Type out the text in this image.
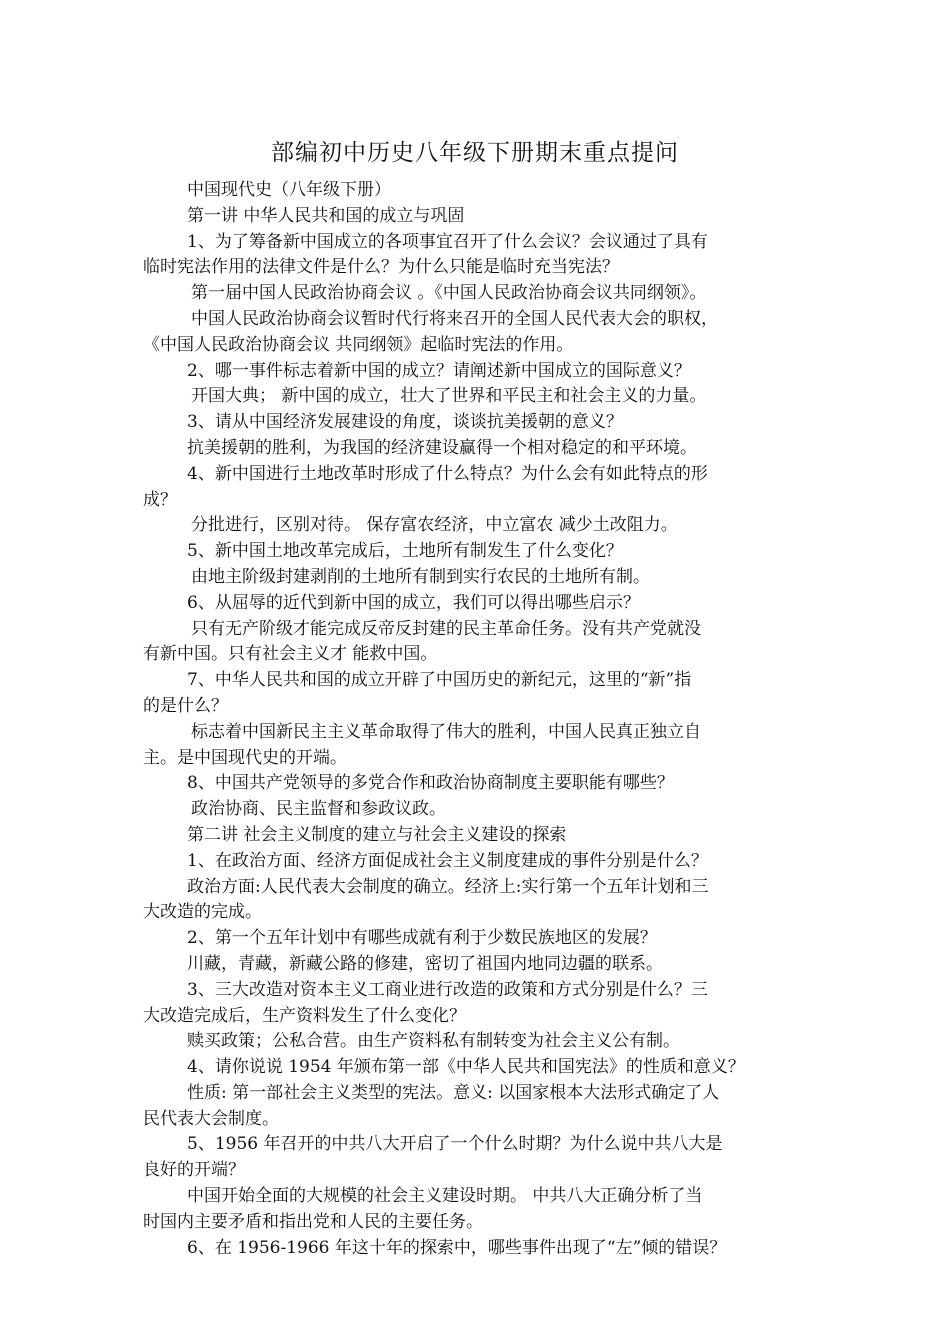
部编初中历史八年级下册期末重点提问
中国现代史（八年级下册）
第一讲 中华人民共和国的成立与巩固
1、为了筹备新中国成立的各项事宜召开了什么会议？会议通过了具有
临时宪法作用的法律文件是什么？为什么只能是临时充当宪法？
第一届中国人民政治协商会议 。《中国人民政治协商会议共同纲领》。
中国人民政治协商会议暂时代行将来召开的全国人民代表大会的职权，
《中国人民政治协商会议 共同纲领》起临时宪法的作用。
2、哪一事件标志着新中国的成立？请阐述新中国成立的国际意义？
开国大典； 新中国的成立，壮大了世界和平民主和社会主义的力量。
3、请从中国经济发展建设的角度，谈谈抗美援朝的意义？
抗美援朝的胜利，为我国的经济建设赢得一个相对稳定的和平环境。
4、新中国进行土地改革时形成了什么特点？为什么会有如此特点的形
成？
分批进行，区别对待。 保存富农经济，中立富农 减少土改阻力。
5、新中国土地改革完成后，土地所有制发生了什么变化？
由地主阶级封建剥削的土地所有制到实行农民的土地所有制。
6、从屈辱的近代到新中国的成立，我们可以得出哪些启示？
只有无产阶级才能完成反帝反封建的民主革命任务。没有共产党就没
有新中国。只有社会主义才 能救中国。
7、中华人民共和国的成立开辟了中国历史的新纪元，这里的“新”指
的是什么？
标志着中国新民主主义革命取得了伟大的胜利，中国人民真正独立自
主。是中国现代史的开端。
8、中国共产党领导的多党合作和政治协商制度主要职能有哪些？
政治协商、民主监督和参政议政。
第二讲 社会主义制度的建立与社会主义建设的探索
1、在政治方面、经济方面促成社会主义制度建成的事件分别是什么？
政治方面:人民代表大会制度的确立。经济上:实行第一个五年计划和三
大改造的完成。
2、第一个五年计划中有哪些成就有利于少数民族地区的发展？
川藏，青藏，新藏公路的修建，密切了祖国内地同边疆的联系。
3、三大改造对资本主义工商业进行改造的政策和方式分别是什么？三
大改造完成后，生产资料发生了什么变化？
赎买政策；公私合营。由生产资料私有制转变为社会主义公有制。
4、请你说说 1954 年颁布第一部《中华人民共和国宪法》的性质和意义？
性质: 第一部社会主义类型的宪法。意义: 以国家根本大法形式确定了人
民代表大会制度。
5、1956 年召开的中共八大开启了一个什么时期？为什么说中共八大是
良好的开端？
中国开始全面的大规模的社会主义建设时期。 中共八大正确分析了当
时国内主要矛盾和指出党和人民的主要任务。
6、在 1956-1966 年这十年的探索中，哪些事件出现了“左”倾的错误？
